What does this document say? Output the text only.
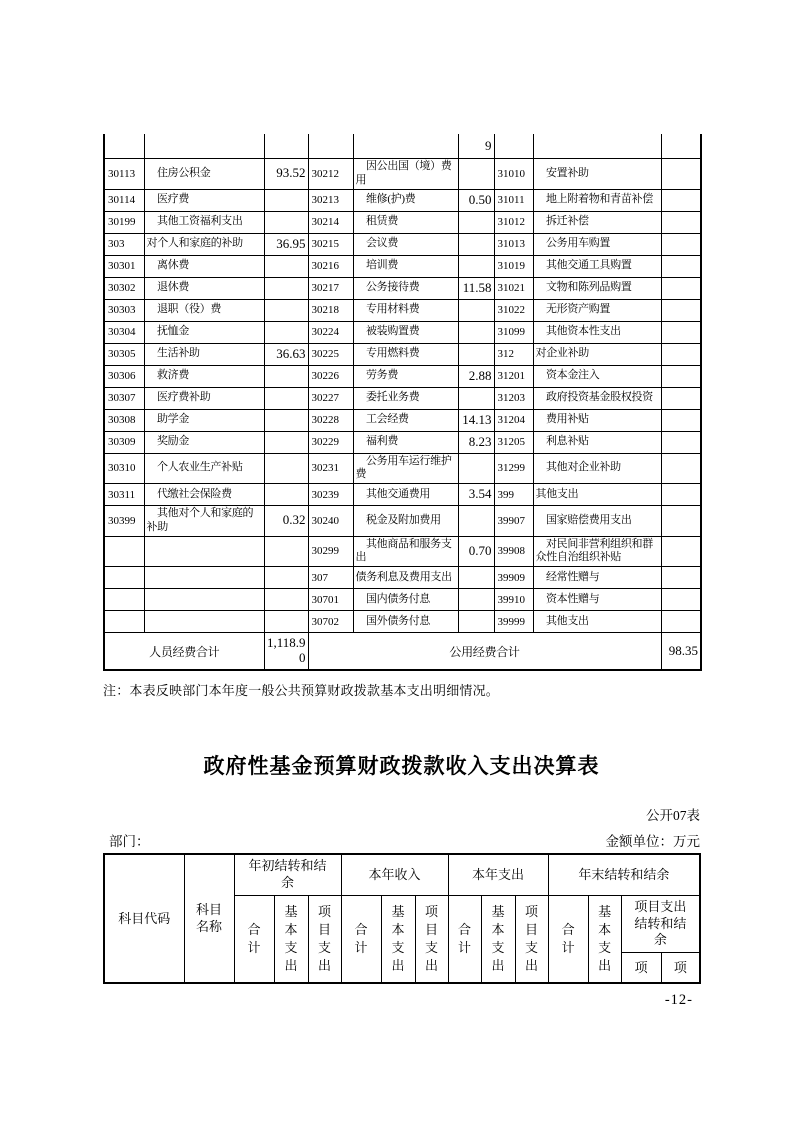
					9			
30113	住房公积金	93.52	30212	因公出国（境）费用		31010	安置补助	
30114	医疗费		30213	维修(护)费	0.50	31011	地上附着物和青苗补偿	
30199	其他工资福利支出		30214	租赁费		31012	拆迁补偿	
303	对个人和家庭的补助	36.95	30215	会议费		31013	公务用车购置	
30301	离休费		30216	培训费		31019	其他交通工具购置	
30302	退休费		30217	公务接待费	11.58	31021	文物和陈列品购置	
30303	退职（役）费		30218	专用材料费		31022	无形资产购置	
30304	抚恤金		30224	被装购置费		31099	其他资本性支出	
30305	生活补助	36.63	30225	专用燃料费		312	对企业补助	
30306	救济费		30226	劳务费	2.88	31201	资本金注入	
30307	医疗费补助		30227	委托业务费		31203	政府投资基金股权投资	
30308	助学金		30228	工会经费	14.13	31204	费用补贴	
30309	奖励金		30229	福利费	8.23	31205	利息补贴	
30310	个人农业生产补贴		30231	公务用车运行维护费		31299	其他对企业补助	
30311	代缴社会保险费		30239	其他交通费用	3.54	399	其他支出	
30399	其他对个人和家庭的补助	0.32	30240	税金及附加费用		39907	国家赔偿费用支出	
			30299	其他商品和服务支出	0.70	39908	对民间非营利组织和群众性自治组织补贴	
			307	债务利息及费用支出		39909	经常性赠与	
			30701	国内债务付息		39910	资本性赠与	
			30702	国外债务付息		39999	其他支出	
人员经费合计		1,118.90	公用经费合计					98.35
注：本表反映部门本年度一般公共预算财政拨款基本支出明细情况。
政府性基金预算财政拨款收入支出决算表
公开07表
部门：	金额单位：万元
科目代码	科目名称	年初结转和结余			本年收入			本年支出			年末结转和结余			
		合计	基本支出	项目支出	合计	基本支出	项目支出	合计	基本支出	项目支出	合计	基本支出	项目支出结转和结余	
													项	项
-12-
